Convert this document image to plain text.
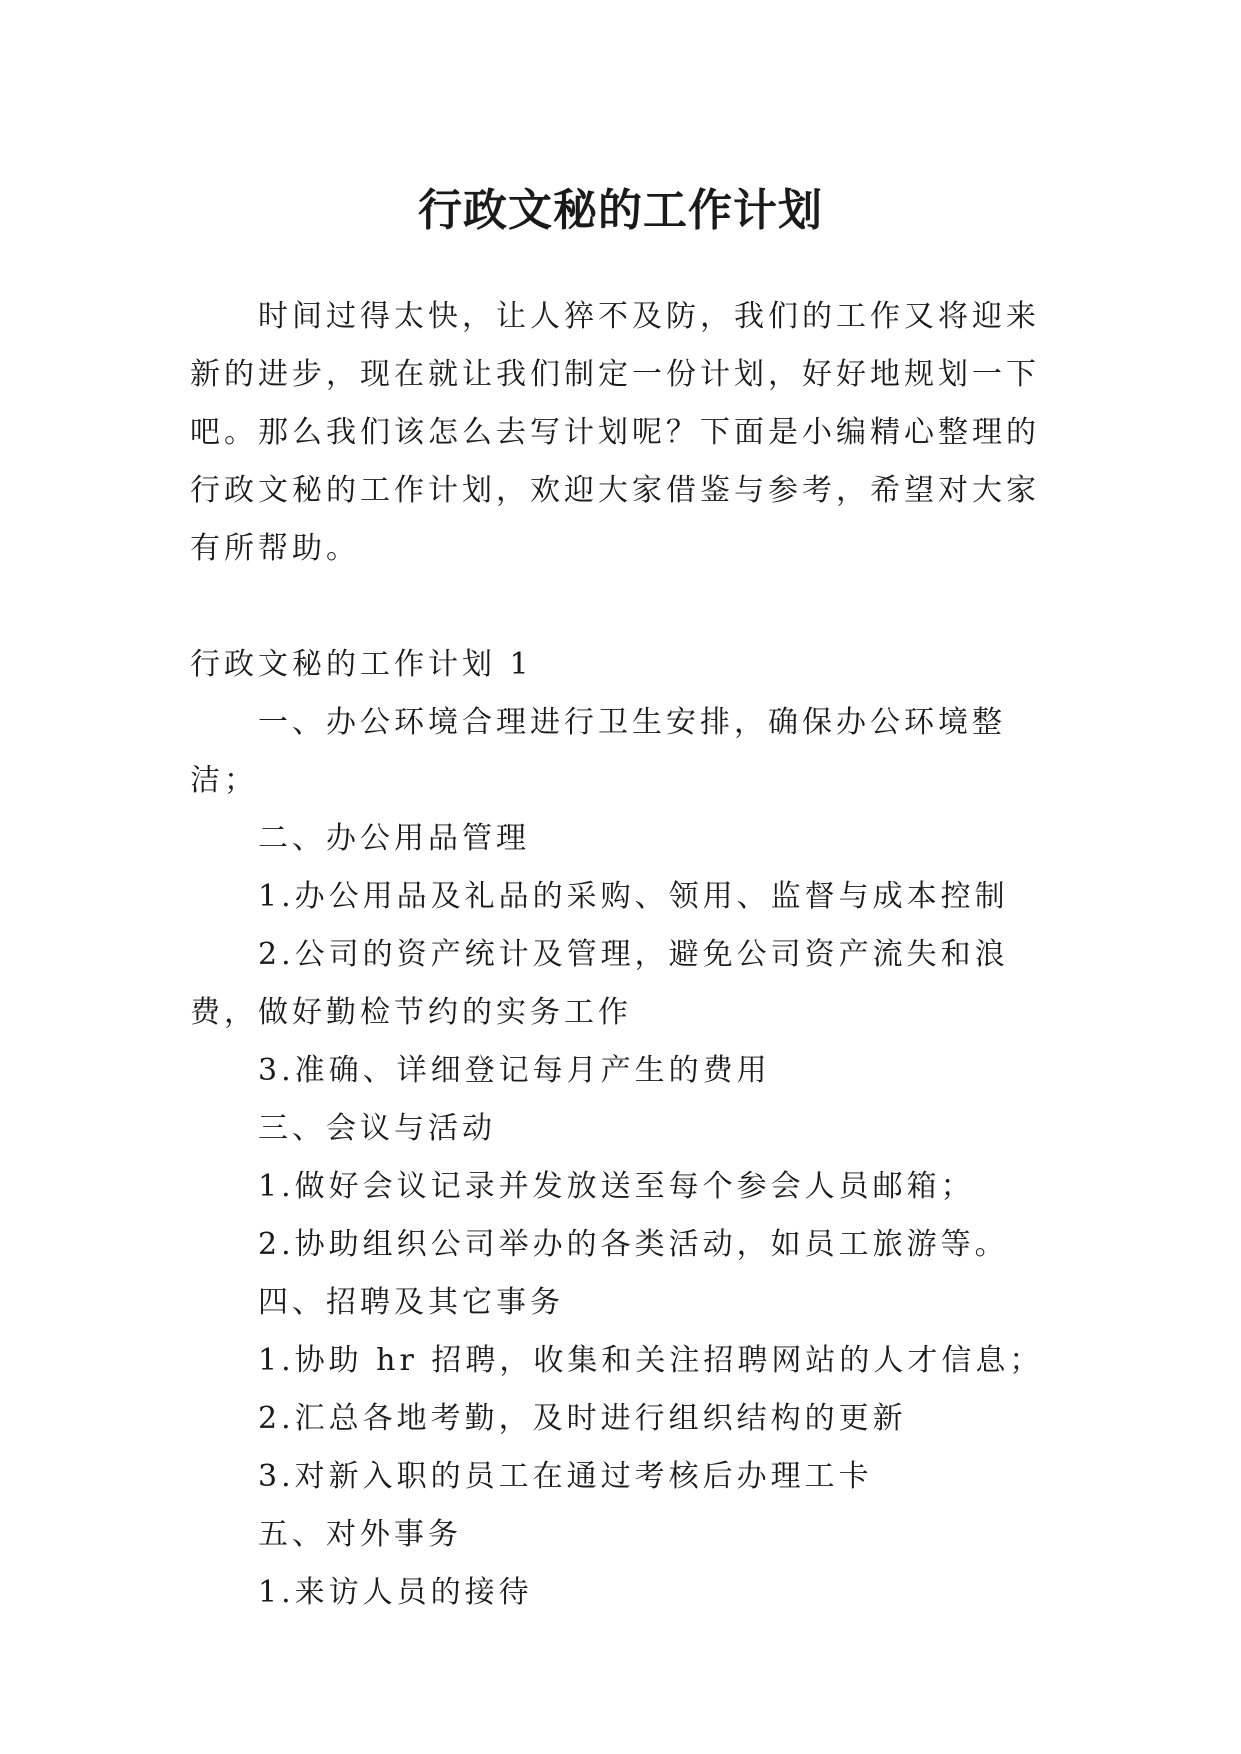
行政文秘的工作计划

时间过得太快，让人猝不及防，我们的工作又将迎来新的进步，现在就让我们制定一份计划，好好地规划一下吧。那么我们该怎么去写计划呢？下面是小编精心整理的行政文秘的工作计划，欢迎大家借鉴与参考，希望对大家有所帮助。

行政文秘的工作计划 1

一、办公环境合理进行卫生安排，确保办公环境整洁；

二、办公用品管理

1.办公用品及礼品的采购、领用、监督与成本控制

2.公司的资产统计及管理，避免公司资产流失和浪费，做好勤检节约的实务工作

3.准确、详细登记每月产生的费用

三、会议与活动

1.做好会议记录并发放送至每个参会人员邮箱；

2.协助组织公司举办的各类活动，如员工旅游等。

四、招聘及其它事务

1.协助 hr 招聘，收集和关注招聘网站的人才信息；

2.汇总各地考勤，及时进行组织结构的更新

3.对新入职的员工在通过考核后办理工卡

五、对外事务

1.来访人员的接待
